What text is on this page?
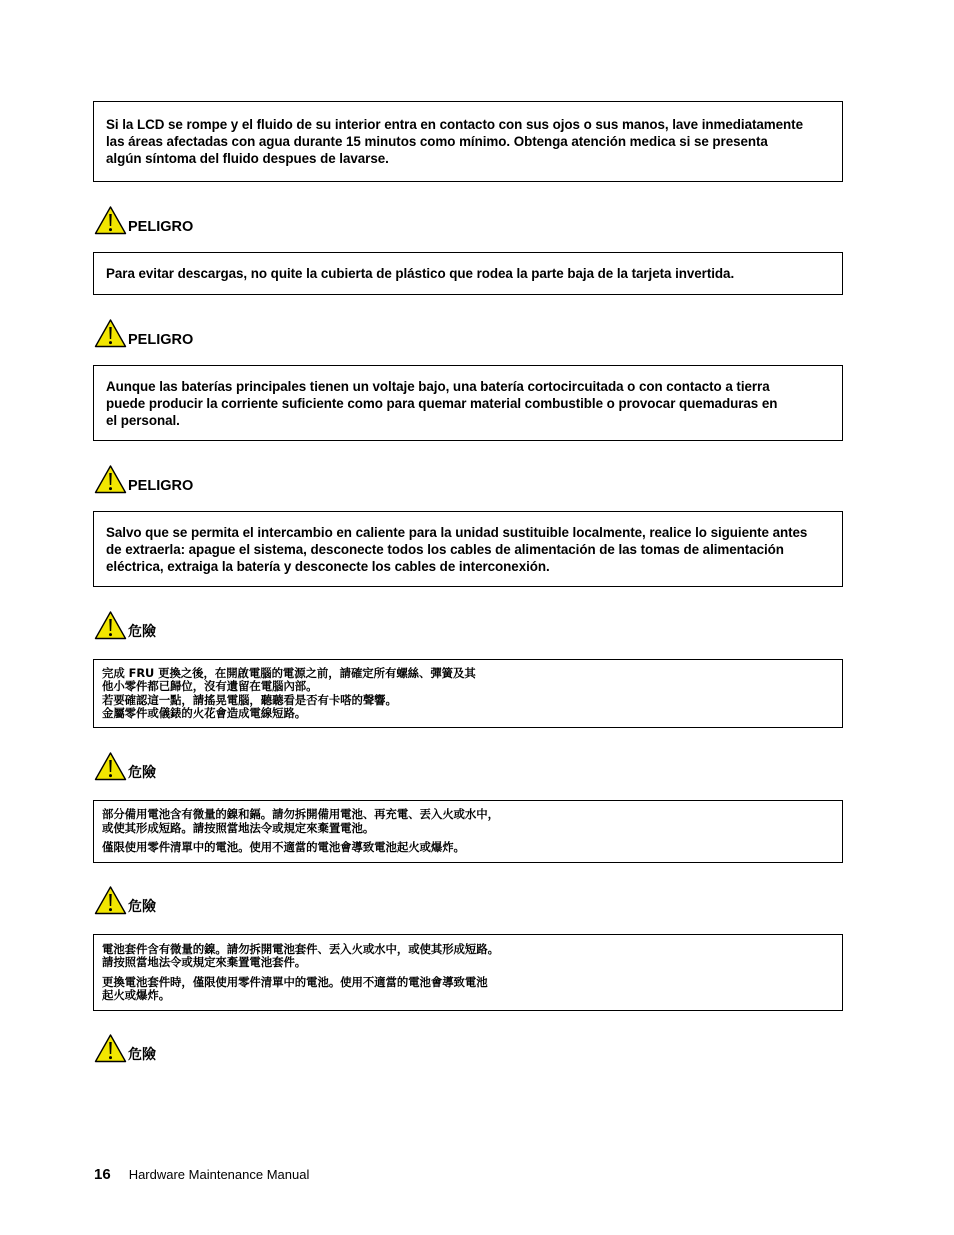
Si la LCD se rompe y el fluido de su interior entra en contacto con sus ojos o sus manos, lave inmediatamente

las áreas afectadas con agua durante 15 minutos como mínimo. Obtenga atención medica si se presenta

algún síntoma del fluido despues de lavarse.

PELIGRO

Para evitar descargas, no quite la cubierta de plástico que rodea la parte baja de la tarjeta invertida.

PELIGRO

Aunque las baterías principales tienen un voltaje bajo, una batería cortocircuitada o con contacto a tierra

puede producir la corriente suficiente como para quemar material combustible o provocar quemaduras en

el personal.

PELIGRO

Salvo que se permita el intercambio en caliente para la unidad sustituible localmente, realice lo siguiente antes

de extraerla: apague el sistema, desconecte todos los cables de alimentación de las tomas de alimentación

eléctrica, extraiga la batería y desconecte los cables de interconexión.

危險

完成 FRU 更換之後，在開啟電腦的電源之前，請確定所有螺絲、彈簧及其

他小零件都已歸位，沒有遺留在電腦內部。

若要確認這一點，請搖晃電腦，聽聽看是否有卡嗒的聲響。

金屬零件或儀錶的火花會造成電線短路。

危險

部分備用電池含有微量的鎳和鎘。請勿拆開備用電池、再充電、丟入火或水中，

或使其形成短路。請按照當地法令或規定來棄置電池。

僅限使用零件清單中的電池。使用不適當的電池會導致電池起火或爆炸。

危險

電池套件含有微量的鎳。請勿拆開電池套件、丟入火或水中，或使其形成短路。

請按照當地法令或規定來棄置電池套件。

更換電池套件時，僅限使用零件清單中的電池。使用不適當的電池會導致電池

起火或爆炸。

危險
16 Hardware Maintenance Manual
